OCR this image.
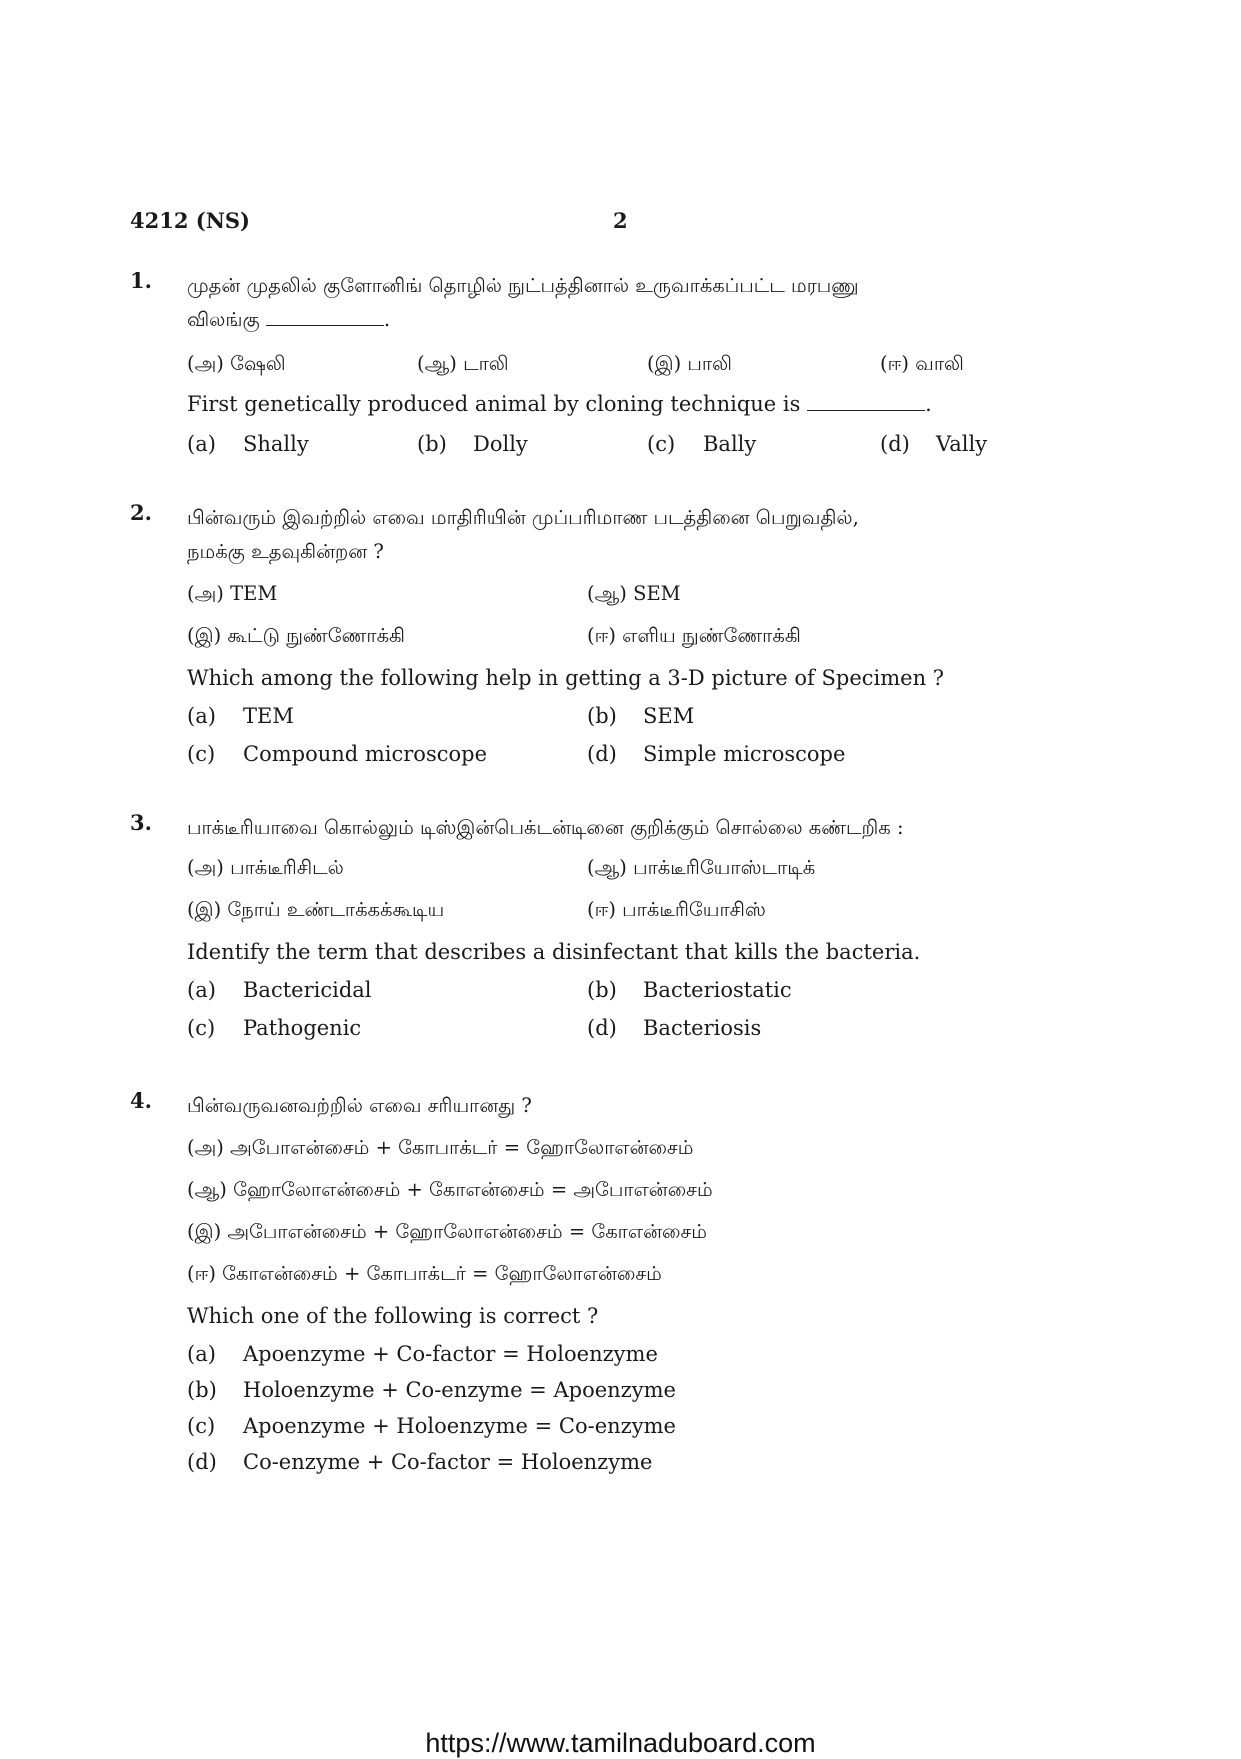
4212 (NS)	2
1. முதன் முதலில் குளோனிங் தொழில் நுட்பத்தினால் உருவாக்கப்பட்ட மரபணு
விலங்கு	.
(அ) ஷேலி	(ஆ) டாலி	(இ) பாலி	(ஈ) வாலி
First genetically produced animal by cloning technique is	.
(a) Shally	(b) Dolly	(c) Bally	(d) Vally
2. பின்வரும் இவற்றில் எவை மாதிரியின் முப்பரிமாண படத்தினை பெறுவதில்,
நமக்கு உதவுகின்றன ?
(அ) TEM	(ஆ) SEM
(இ) கூட்டு நுண்ணோக்கி	(ஈ) எளிய நுண்ணோக்கி
Which among the following help in getting a 3-D picture of Specimen ?
(a) TEM	(b) SEM
(c) Compound microscope	(d) Simple microscope
3. பாக்டீரியாவை கொல்லும் டிஸ்இன்பெக்டன்டினை குறிக்கும் சொல்லை கண்டறிக :
(அ) பாக்டீரிசிடல்	(ஆ) பாக்டீரியோஸ்டாடிக்
(இ) நோய் உண்டாக்கக்கூடிய	(ஈ) பாக்டீரியோசிஸ்
Identify the term that describes a disinfectant that kills the bacteria.
(a) Bactericidal	(b) Bacteriostatic
(c) Pathogenic	(d) Bacteriosis
4. பின்வருவனவற்றில் எவை சரியானது ?
(அ) அபோஎன்சைம் + கோபாக்டர் = ஹோலோஎன்சைம்
(ஆ) ஹோலோஎன்சைம் + கோஎன்சைம் = அபோஎன்சைம்
(இ) அபோஎன்சைம் + ஹோலோஎன்சைம் = கோஎன்சைம்
(ஈ) கோஎன்சைம் + கோபாக்டர் = ஹோலோஎன்சைம்
Which one of the following is correct ?
(a) Apoenzyme + Co-factor = Holoenzyme
(b) Holoenzyme + Co-enzyme = Apoenzyme
(c) Apoenzyme + Holoenzyme = Co-enzyme
(d) Co-enzyme + Co-factor = Holoenzyme
https://www.tamilnaduboard.com
